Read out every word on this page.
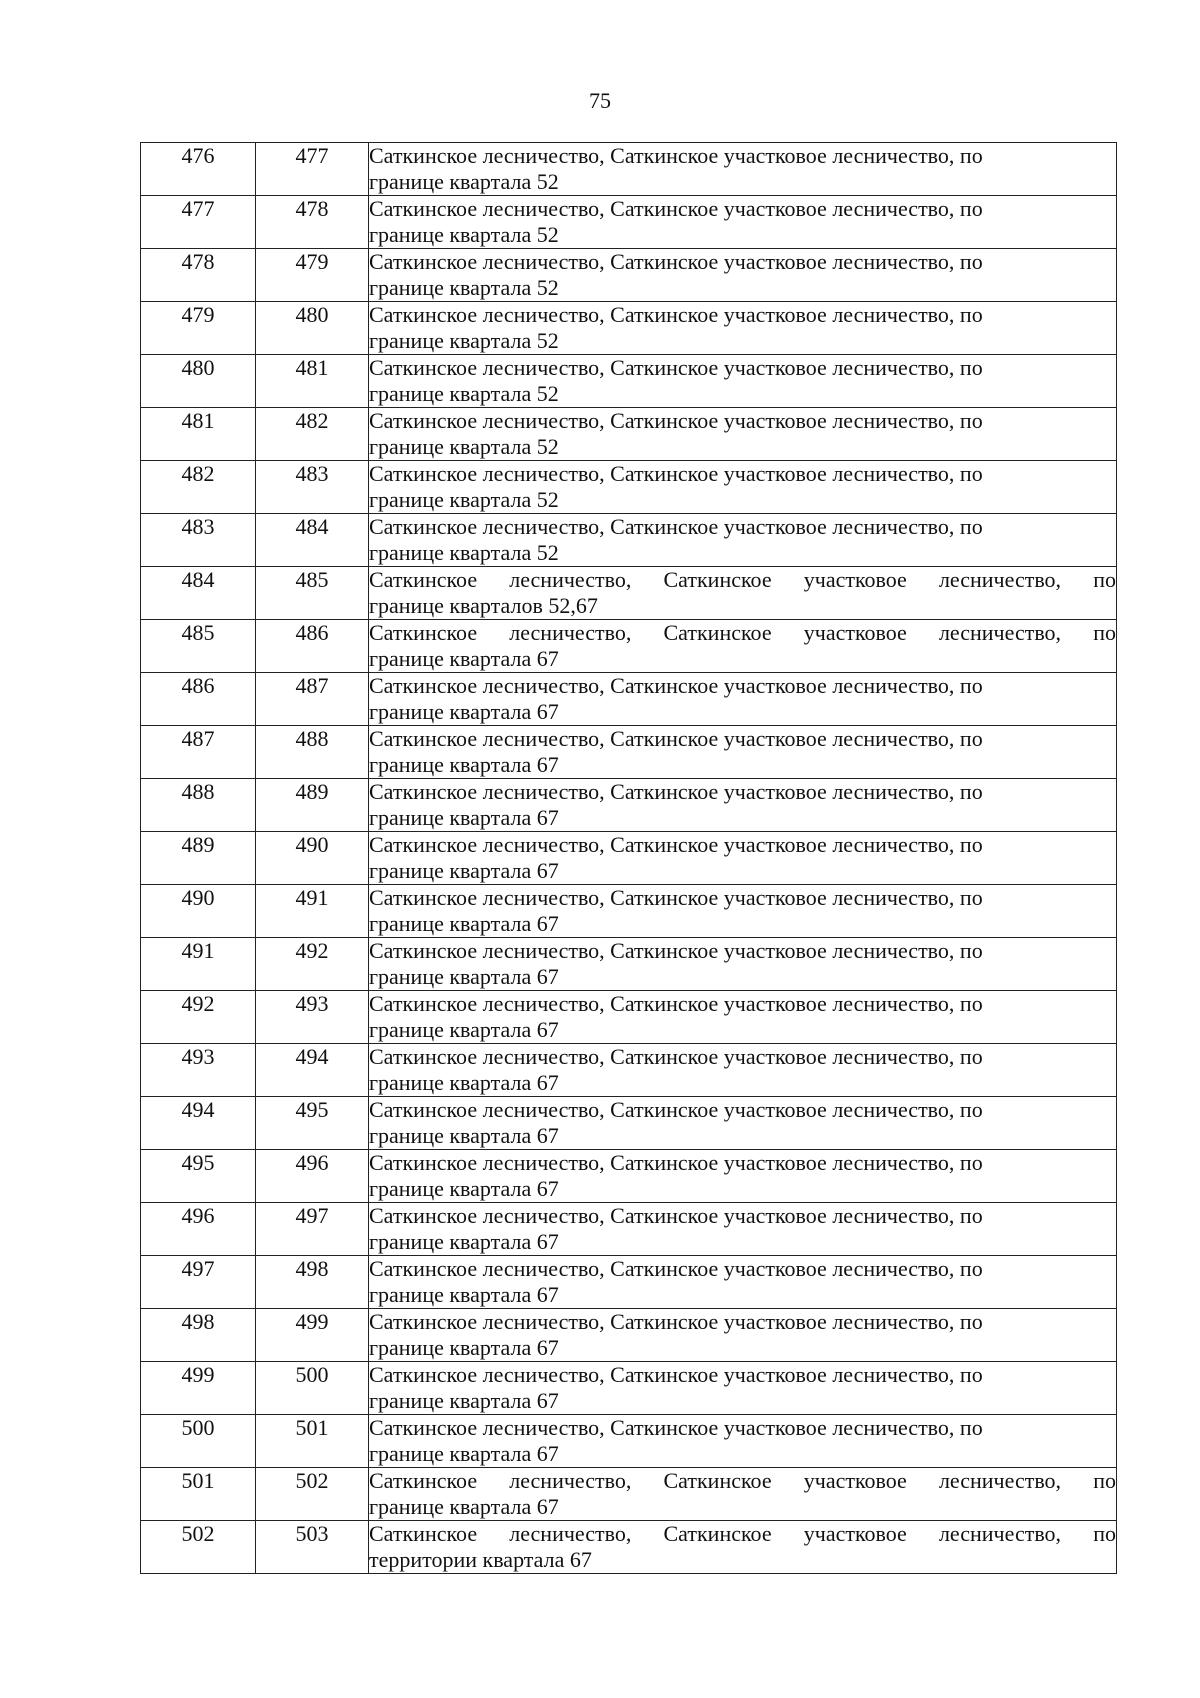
75
476	477	Саткинское лесничество, Саткинское участковое лесничество, по
границе квартала 52

477	478	Саткинское лесничество, Саткинское участковое лесничество, по
границе квартала 52

478	479	Саткинское лесничество, Саткинское участковое лесничество, по
границе квартала 52

479	480	Саткинское лесничество, Саткинское участковое лесничество, по
границе квартала 52

480	481	Саткинское лесничество, Саткинское участковое лесничество, по
границе квартала 52

481	482	Саткинское лесничество, Саткинское участковое лесничество, по
границе квартала 52

482	483	Саткинское лесничество, Саткинское участковое лесничество, по
границе квартала 52

483	484	Саткинское лесничество, Саткинское участковое лесничество, по
границе квартала 52

484	485	Саткинское лесничество, Саткинское участковое лесничество, по
границе кварталов 52,67

485	486	Саткинское лесничество, Саткинское участковое лесничество, по
границе квартала 67

486	487	Саткинское лесничество, Саткинское участковое лесничество, по
границе квартала 67

487	488	Саткинское лесничество, Саткинское участковое лесничество, по
границе квартала 67

488	489	Саткинское лесничество, Саткинское участковое лесничество, по
границе квартала 67

489	490	Саткинское лесничество, Саткинское участковое лесничество, по
границе квартала 67

490	491	Саткинское лесничество, Саткинское участковое лесничество, по
границе квартала 67

491	492	Саткинское лесничество, Саткинское участковое лесничество, по
границе квартала 67

492	493	Саткинское лесничество, Саткинское участковое лесничество, по
границе квартала 67

493	494	Саткинское лесничество, Саткинское участковое лесничество, по
границе квартала 67

494	495	Саткинское лесничество, Саткинское участковое лесничество, по
границе квартала 67

495	496	Саткинское лесничество, Саткинское участковое лесничество, по
границе квартала 67

496	497	Саткинское лесничество, Саткинское участковое лесничество, по
границе квартала 67

497	498	Саткинское лесничество, Саткинское участковое лесничество, по
границе квартала 67

498	499	Саткинское лесничество, Саткинское участковое лесничество, по
границе квартала 67

499	500	Саткинское лесничество, Саткинское участковое лесничество, по
границе квартала 67

500	501	Саткинское лесничество, Саткинское участковое лесничество, по
границе квартала 67

501	502	Саткинское лесничество, Саткинское участковое лесничество, по
границе квартала 67

502	503	Саткинское лесничество, Саткинское участковое лесничество, по
территории квартала 67
